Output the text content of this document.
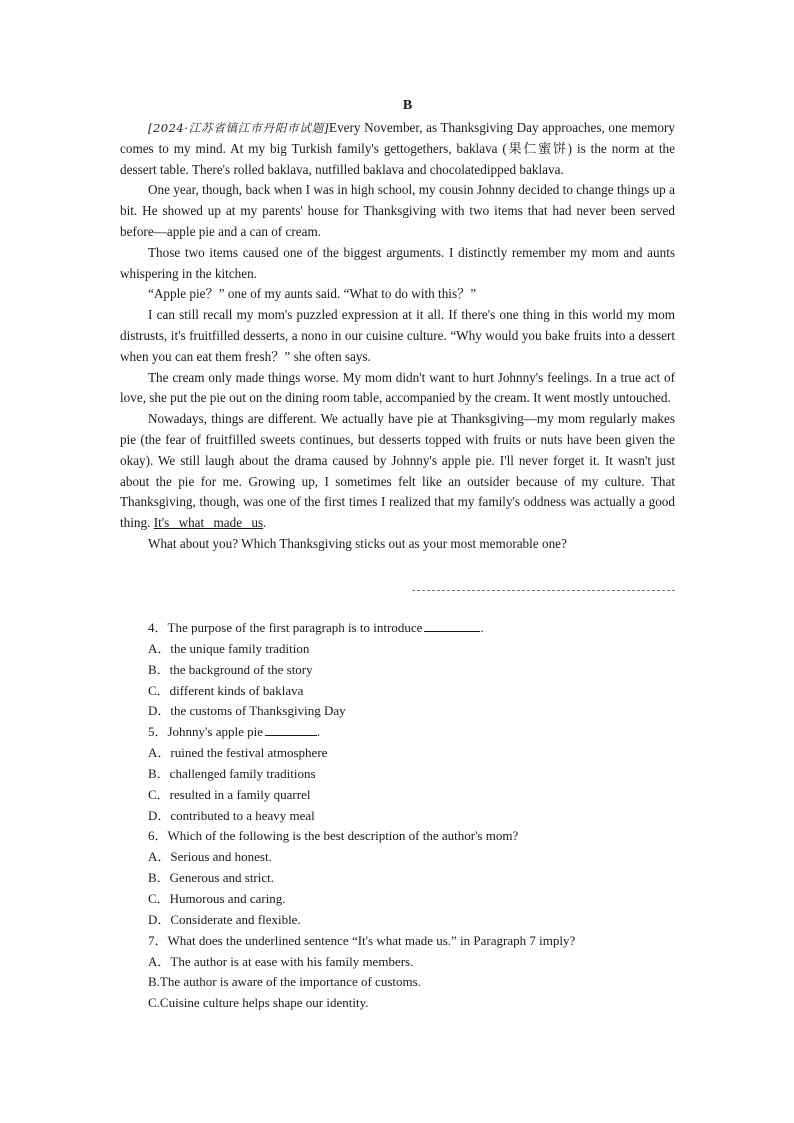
B

[2024·江苏省镇江市丹阳市试题]Every November, as Thanksgiving Day approaches, one memory comes to my mind. At my big Turkish family's gettogethers, baklava (果仁蜜饼) is the norm at the dessert table. There's rolled baklava, nutfilled baklava and chocolatedipped baklava.

One year, though, back when I was in high school, my cousin Johnny decided to change things up a bit. He showed up at my parents' house for Thanksgiving with two items that had never been served before—apple pie and a can of cream.

Those two items caused one of the biggest arguments. I distinctly remember my mom and aunts whispering in the kitchen.

“Apple pie？” one of my aunts said. “What to do with this？”

I can still recall my mom's puzzled expression at it all. If there's one thing in this world my mom distrusts, it's fruitfilled desserts, a nono in our cuisine culture. “Why would you bake fruits into a dessert when you can eat them fresh？” she often says.

The cream only made things worse. My mom didn't want to hurt Johnny's feelings. In a true act of love, she put the pie out on the dining room table, accompanied by the cream. It went mostly untouched.

Nowadays, things are different. We actually have pie at Thanksgiving—my mom regularly makes pie (the fear of fruitfilled sweets continues, but desserts topped with fruits or nuts have been given the okay). We still laugh about the drama caused by Johnny's apple pie. I'll never forget it. It wasn't just about the pie for me. Growing up, I sometimes felt like an outsider because of my culture. That Thanksgiving, though, was one of the first times I realized that my family's oddness was actually a good thing. It's what made us.

What about you? Which Thanksgiving sticks out as your most memorable one?

4．The purpose of the first paragraph is to introduce	.
A．the unique family tradition
B．the background of the story
C．different kinds of baklava
D．the customs of Thanksgiving Day
5．Johnny's apple pie	.
A．ruined the festival atmosphere
B．challenged family traditions
C．resulted in a family quarrel
D．contributed to a heavy meal
6．Which of the following is the best description of the author's mom?
A．Serious and honest.
B．Generous and strict.
C．Humorous and caring.
D．Considerate and flexible.
7．What does the underlined sentence “It's what made us.” in Paragraph 7 imply?
A．The author is at ease with his family members.
B.The author is aware of the importance of customs.
C.Cuisine culture helps shape our identity.
